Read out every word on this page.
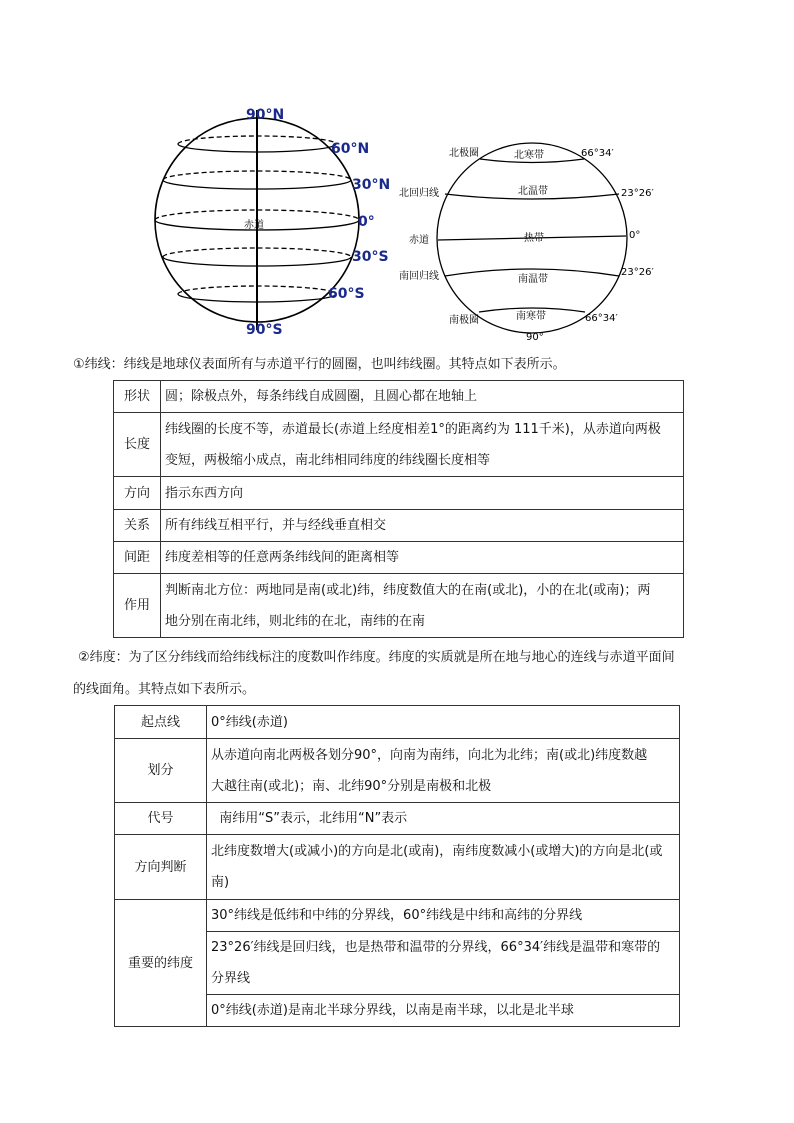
赤道
90°N
60°N
30°N
0°
30°S
60°S
90°S
北极圈
北回归线
赤道
南回归线
南极圈
北寒带
北温带
热带
南温带
南寒带
66°34′
23°26′
0°
23°26′
66°34′
90°
①纬线：纬线是地球仪表面所有与赤道平行的圆圈，也叫纬线圈。其特点如下表所示。
形状	圆；除极点外，每条纬线自成圆圈，且圆心都在地轴上

长度	纬线圈的长度不等，赤道最长(赤道上经度相差1°的距离约为 111千米)，从赤道向两极
变短，两极缩小成点，南北纬相同纬度的纬线圈长度相等

方向	指示东西方向

关系	所有纬线互相平行，并与经线垂直相交

间距	纬度差相等的任意两条纬线间的距离相等

作用	判断南北方位：两地同是南(或北)纬，纬度数值大的在南(或北)，小的在北(或南)；两
地分别在南北纬，则北纬的在北，南纬的在南
②纬度：为了区分纬线而给纬线标注的度数叫作纬度。纬度的实质就是所在地与地心的连线与赤道平面间
的线面角。其特点如下表所示。
起点线	0°纬线(赤道)

划分	从赤道向南北两极各划分90°，向南为南纬，向北为北纬；南(或北)纬度数越
大越往南(或北)；南、北纬90°分别是南极和北极

代号	南纬用“S”表示，北纬用“N”表示

方向判断	北纬度数增大(或减小)的方向是北(或南)，南纬度数减小(或增大)的方向是北(或
南)

重要的纬度	30°纬线是低纬和中纬的分界线，60°纬线是中纬和高纬的分界线

	23°26′纬线是回归线，也是热带和温带的分界线，66°34′纬线是温带和寒带的
分界线

	0°纬线(赤道)是南北半球分界线，以南是南半球，以北是北半球
